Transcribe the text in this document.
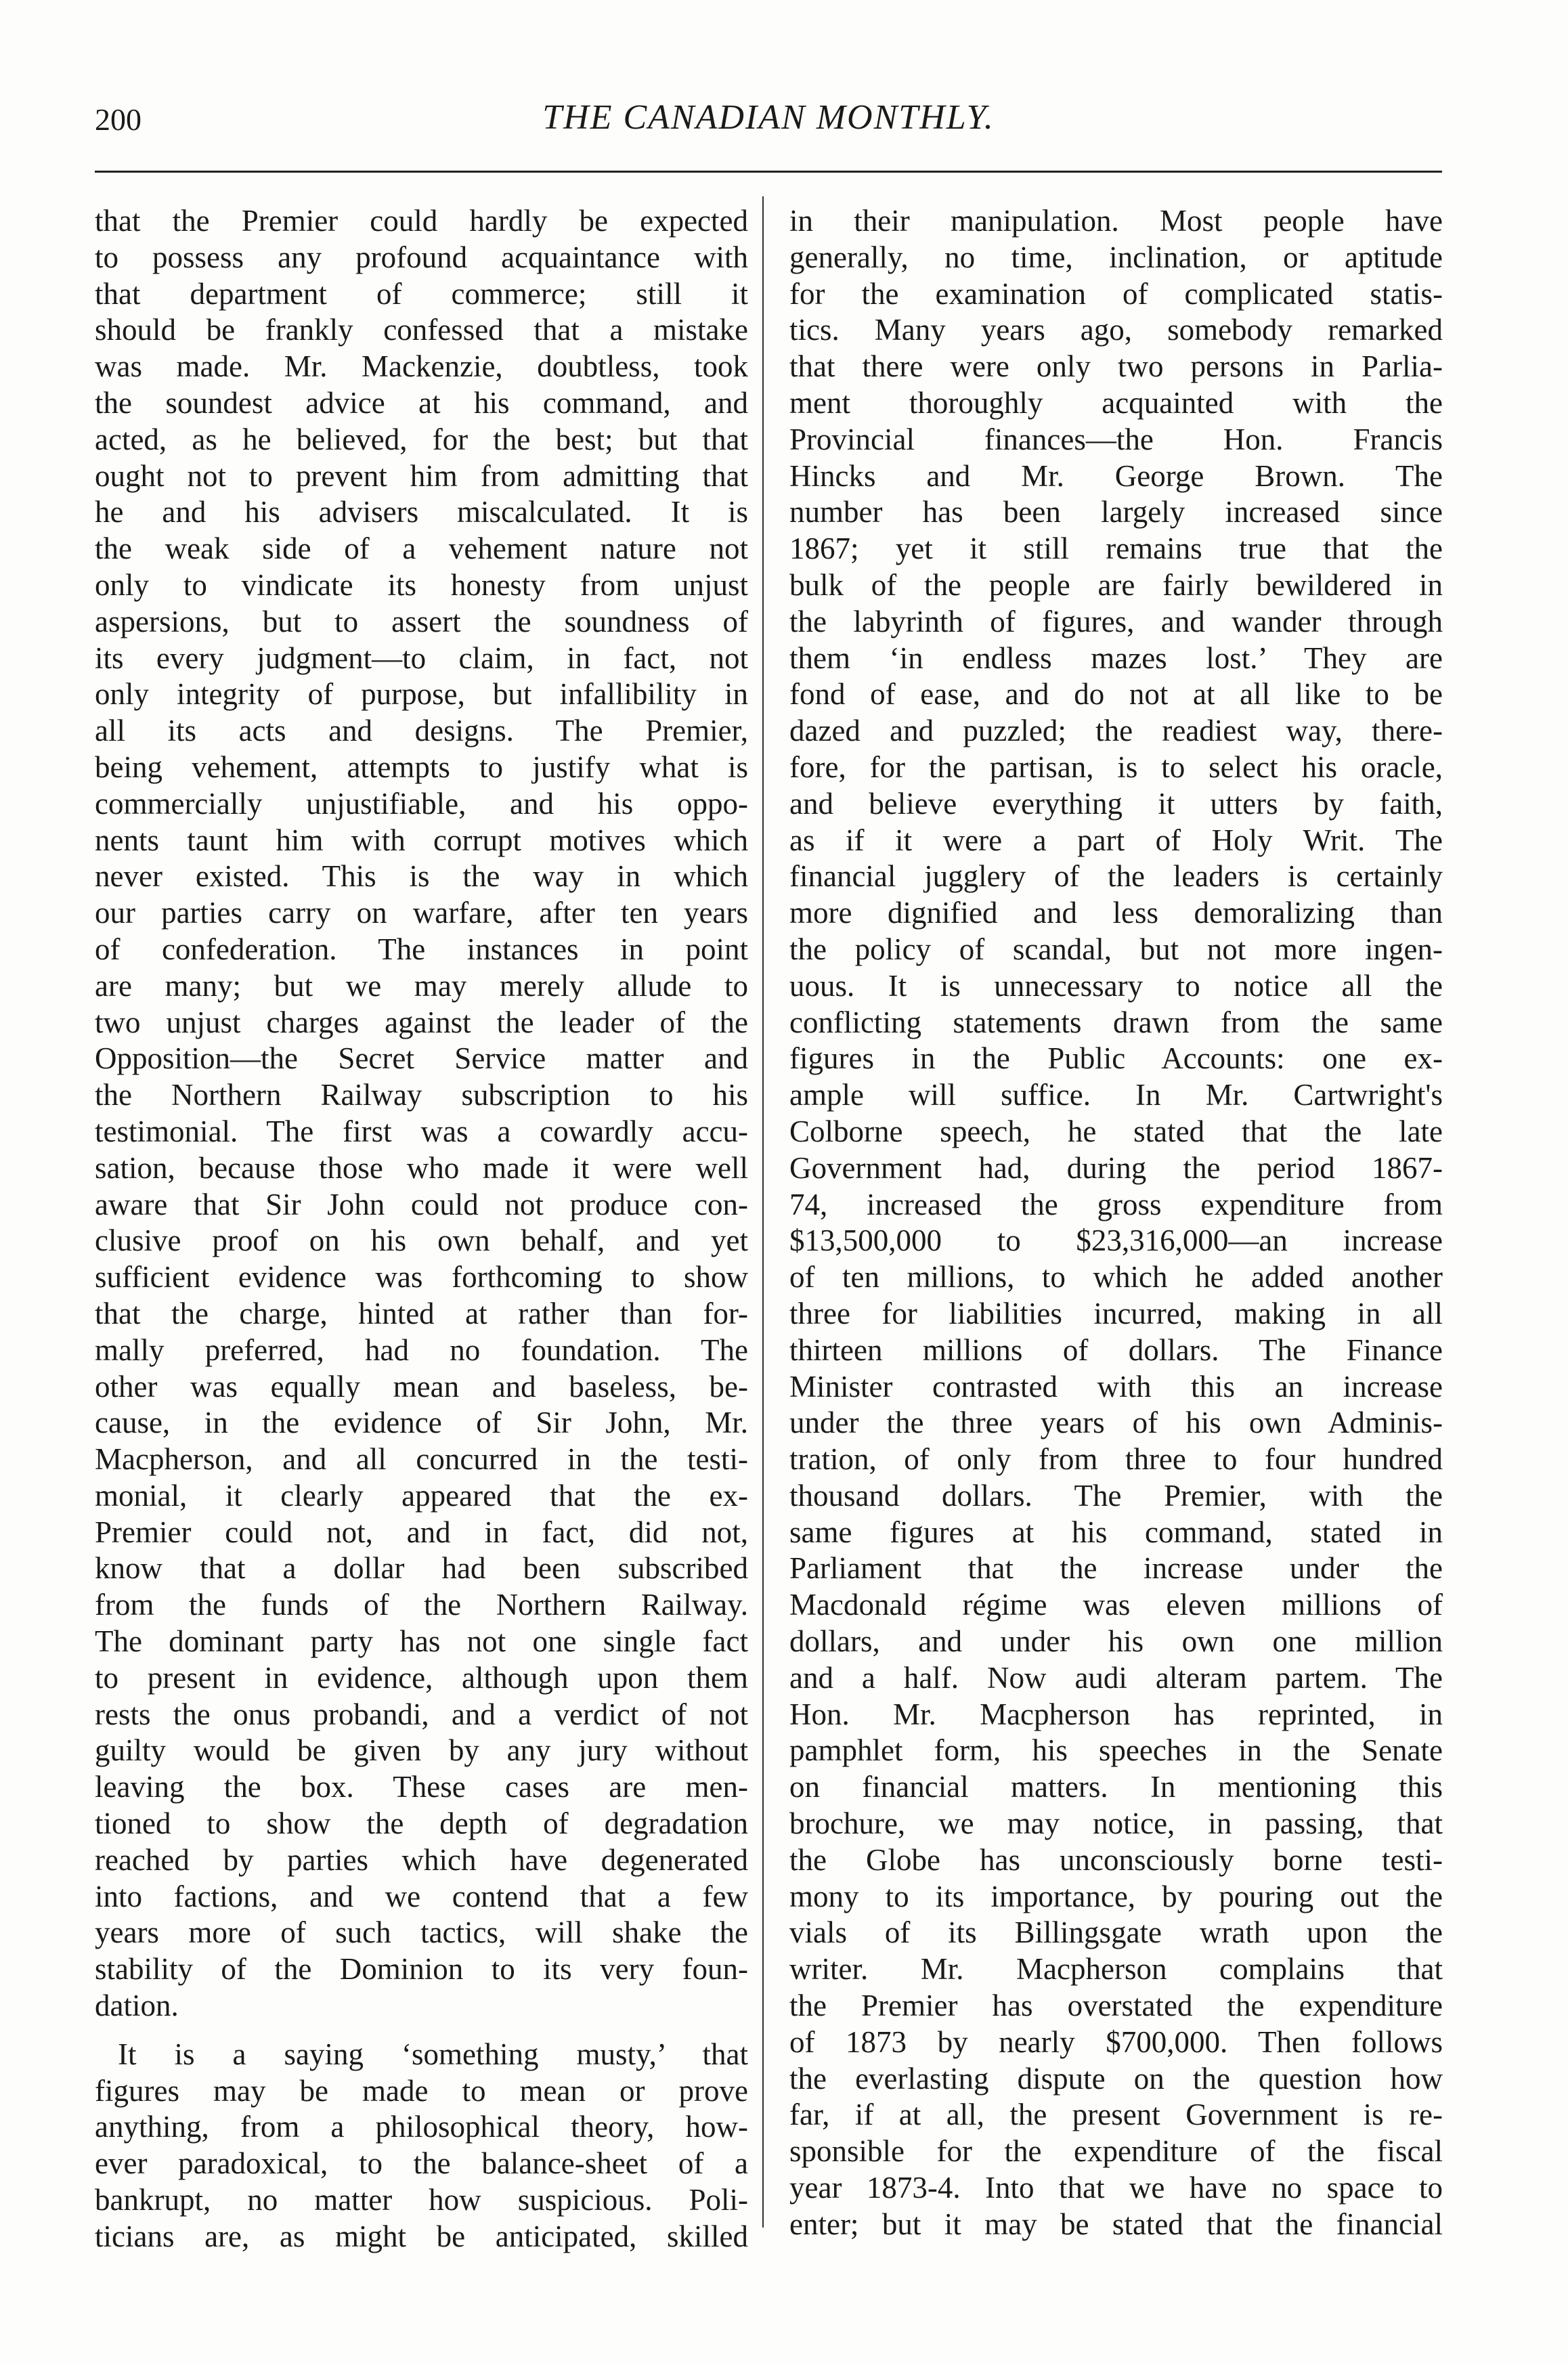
200	THE CANADIAN MONTHLY.
that the Premier could hardly be expected
to possess any profound acquaintance with
that department of commerce; still it
should be frankly confessed that a mistake
was made. Mr. Mackenzie, doubtless, took
the soundest advice at his command, and
acted, as he believed, for the best; but that
ought not to prevent him from admitting that
he and his advisers miscalculated. It is
the weak side of a vehement nature not
only to vindicate its honesty from unjust
aspersions, but to assert the soundness of
its every judgment—to claim, in fact, not
only integrity of purpose, but infallibility in
all its acts and designs. The Premier,
being vehement, attempts to justify what is
commercially unjustifiable, and his oppo-
nents taunt him with corrupt motives which
never existed. This is the way in which
our parties carry on warfare, after ten years
of confederation. The instances in point
are many; but we may merely allude to
two unjust charges against the leader of the
Opposition—the Secret Service matter and
the Northern Railway subscription to his
testimonial. The first was a cowardly accu-
sation, because those who made it were well
aware that Sir John could not produce con-
clusive proof on his own behalf, and yet
sufficient evidence was forthcoming to show
that the charge, hinted at rather than for-
mally preferred, had no foundation. The
other was equally mean and baseless, be-
cause, in the evidence of Sir John, Mr.
Macpherson, and all concurred in the testi-
monial, it clearly appeared that the ex-
Premier could not, and in fact, did not,
know that a dollar had been subscribed
from the funds of the Northern Railway.
The dominant party has not one single fact
to present in evidence, although upon them
rests the onus probandi, and a verdict of not
guilty would be given by any jury without
leaving the box. These cases are men-
tioned to show the depth of degradation
reached by parties which have degenerated
into factions, and we contend that a few
years more of such tactics, will shake the
stability of the Dominion to its very foun-
dation.
It is a saying ‘something musty,’ that
figures may be made to mean or prove
anything, from a philosophical theory, how-
ever paradoxical, to the balance-sheet of a
bankrupt, no matter how suspicious. Poli-
ticians are, as might be anticipated, skilled
in their manipulation. Most people have
generally, no time, inclination, or aptitude
for the examination of complicated statis-
tics. Many years ago, somebody remarked
that there were only two persons in Parlia-
ment thoroughly acquainted with the
Provincial finances—the Hon. Francis
Hincks and Mr. George Brown. The
number has been largely increased since
1867; yet it still remains true that the
bulk of the people are fairly bewildered in
the labyrinth of figures, and wander through
them ‘in endless mazes lost.’ They are
fond of ease, and do not at all like to be
dazed and puzzled; the readiest way, there-
fore, for the partisan, is to select his oracle,
and believe everything it utters by faith,
as if it were a part of Holy Writ. The
financial jugglery of the leaders is certainly
more dignified and less demoralizing than
the policy of scandal, but not more ingen-
uous. It is unnecessary to notice all the
conflicting statements drawn from the same
figures in the Public Accounts: one ex-
ample will suffice. In Mr. Cartwright's
Colborne speech, he stated that the late
Government had, during the period 1867-
74, increased the gross expenditure from
$13,500,000 to $23,316,000—an increase
of ten millions, to which he added another
three for liabilities incurred, making in all
thirteen millions of dollars. The Finance
Minister contrasted with this an increase
under the three years of his own Adminis-
tration, of only from three to four hundred
thousand dollars. The Premier, with the
same figures at his command, stated in
Parliament that the increase under the
Macdonald régime was eleven millions of
dollars, and under his own one million
and a half. Now audi alteram partem. The
Hon. Mr. Macpherson has reprinted, in
pamphlet form, his speeches in the Senate
on financial matters. In mentioning this
brochure, we may notice, in passing, that
the Globe has unconsciously borne testi-
mony to its importance, by pouring out the
vials of its Billingsgate wrath upon the
writer. Mr. Macpherson complains that
the Premier has overstated the expenditure
of 1873 by nearly $700,000. Then follows
the everlasting dispute on the question how
far, if at all, the present Government is re-
sponsible for the expenditure of the fiscal
year 1873-4. Into that we have no space to
enter; but it may be stated that the financial
